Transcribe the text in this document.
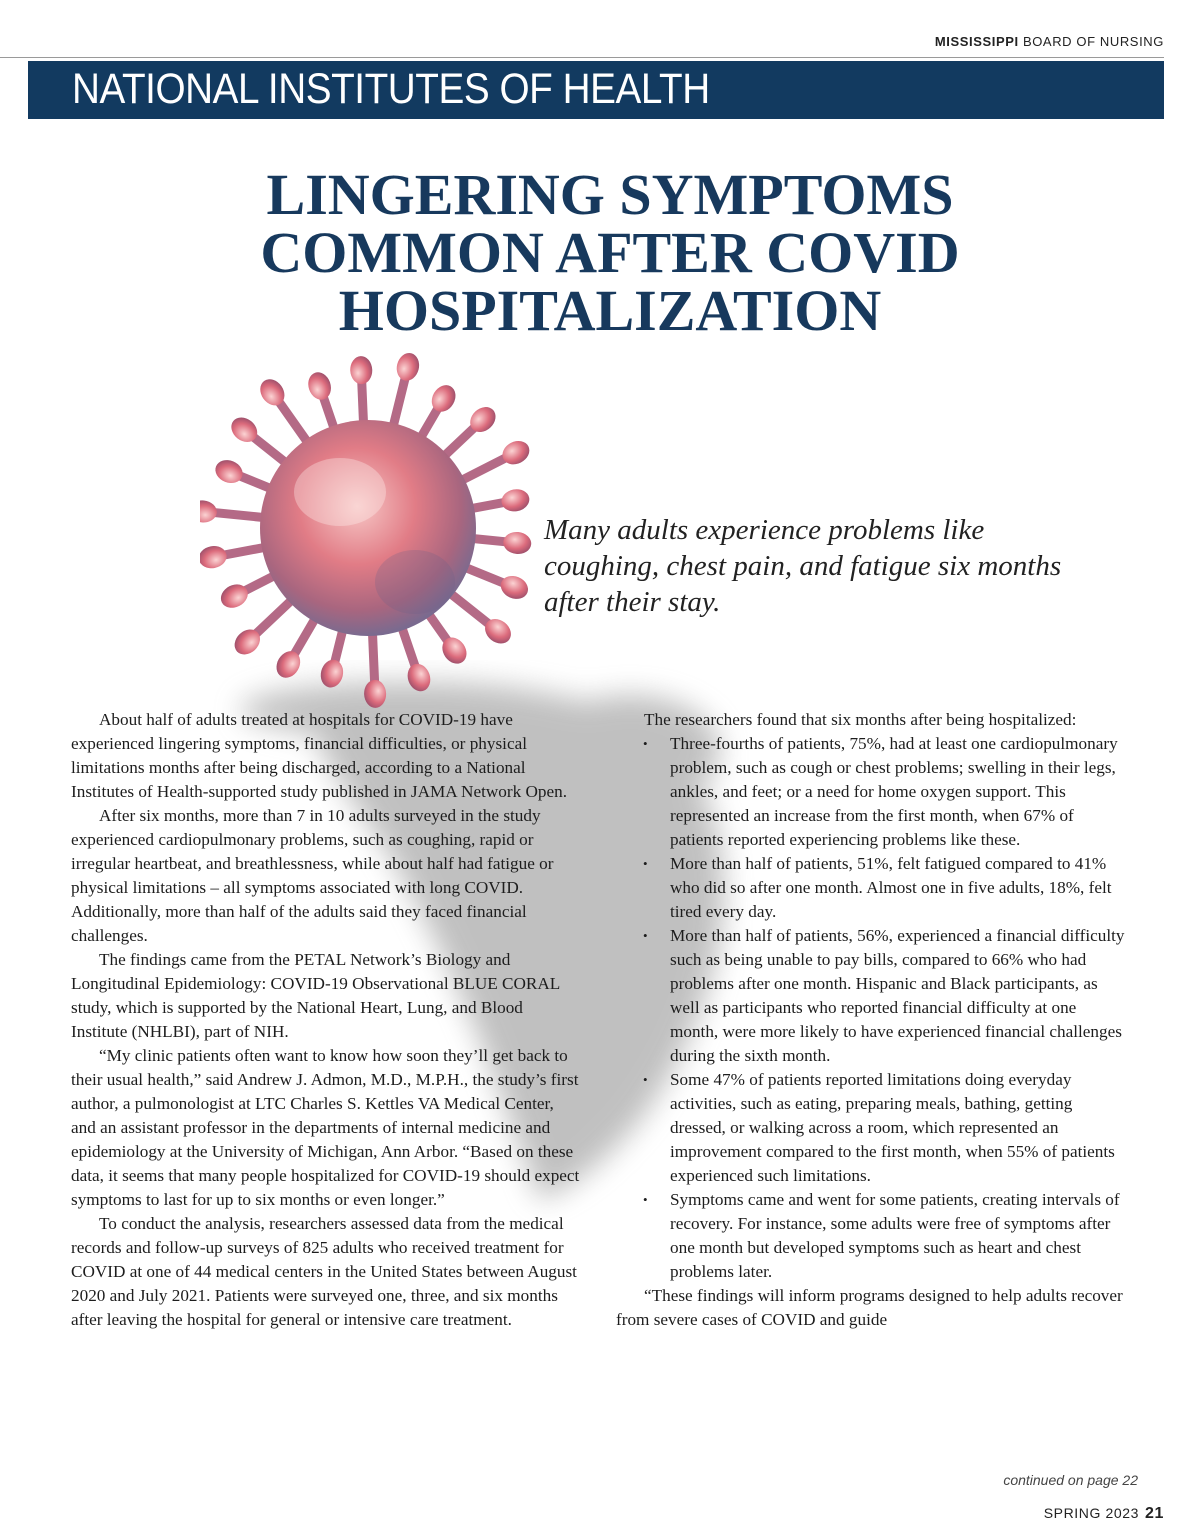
MISSISSIPPI BOARD OF NURSING
NATIONAL INSTITUTES OF HEALTH
LINGERING SYMPTOMS
COMMON AFTER COVID
HOSPITALIZATION
Many adults experience problems like coughing, chest pain, and fatigue six months after their stay.

About half of adults treated at hospitals for COVID-19 have experienced lingering symptoms, financial difficulties, or physical limitations months after being discharged, according to a National Institutes of Health-supported study published in JAMA Network Open.

After six months, more than 7 in 10 adults surveyed in the study experienced cardiopulmonary problems, such as coughing, rapid or irregular heartbeat, and breathlessness, while about half had fatigue or physical limitations – all symptoms associated with long COVID. Additionally, more than half of the adults said they faced financial challenges.

The findings came from the PETAL Network’s Biology and Longitudinal Epidemiology: COVID-19 Observational BLUE CORAL study, which is supported by the National Heart, Lung, and Blood Institute (NHLBI), part of NIH.

“My clinic patients often want to know how soon they’ll get back to their usual health,” said Andrew J. Admon, M.D., M.P.H., the study’s first author, a pulmonologist at LTC Charles S. Kettles VA Medical Center, and an assistant professor in the departments of internal medicine and epidemiology at the University of Michigan, Ann Arbor. “Based on these data, it seems that many people hospitalized for COVID-19 should expect symptoms to last for up to six months or even longer.”

To conduct the analysis, researchers assessed data from the medical records and follow-up surveys of 825 adults who received treatment for COVID at one of 44 medical centers in the United States between August 2020 and July 2021. Patients were surveyed one, three, and six months after leaving the hospital for general or intensive care treatment.

The researchers found that six months after being hospitalized:

• Three-fourths of patients, 75%, had at least one cardiopulmonary problem, such as cough or chest problems; swelling in their legs, ankles, and feet; or a need for home oxygen support. This represented an increase from the first month, when 67% of patients reported experiencing problems like these.
• More than half of patients, 51%, felt fatigued compared to 41% who did so after one month. Almost one in five adults, 18%, felt tired every day.
• More than half of patients, 56%, experienced a financial difficulty such as being unable to pay bills, compared to 66% who had problems after one month. Hispanic and Black participants, as well as participants who reported financial difficulty at one month, were more likely to have experienced financial challenges during the sixth month.
• Some 47% of patients reported limitations doing everyday activities, such as eating, preparing meals, bathing, getting dressed, or walking across a room, which represented an improvement compared to the first month, when 55% of patients experienced such limitations.
• Symptoms came and went for some patients, creating intervals of recovery. For instance, some adults were free of symptoms after one month but developed symptoms such as heart and chest problems later.

“These findings will inform programs designed to help adults recover from severe cases of COVID and guide

continued on page 22
SPRING 2023 21
